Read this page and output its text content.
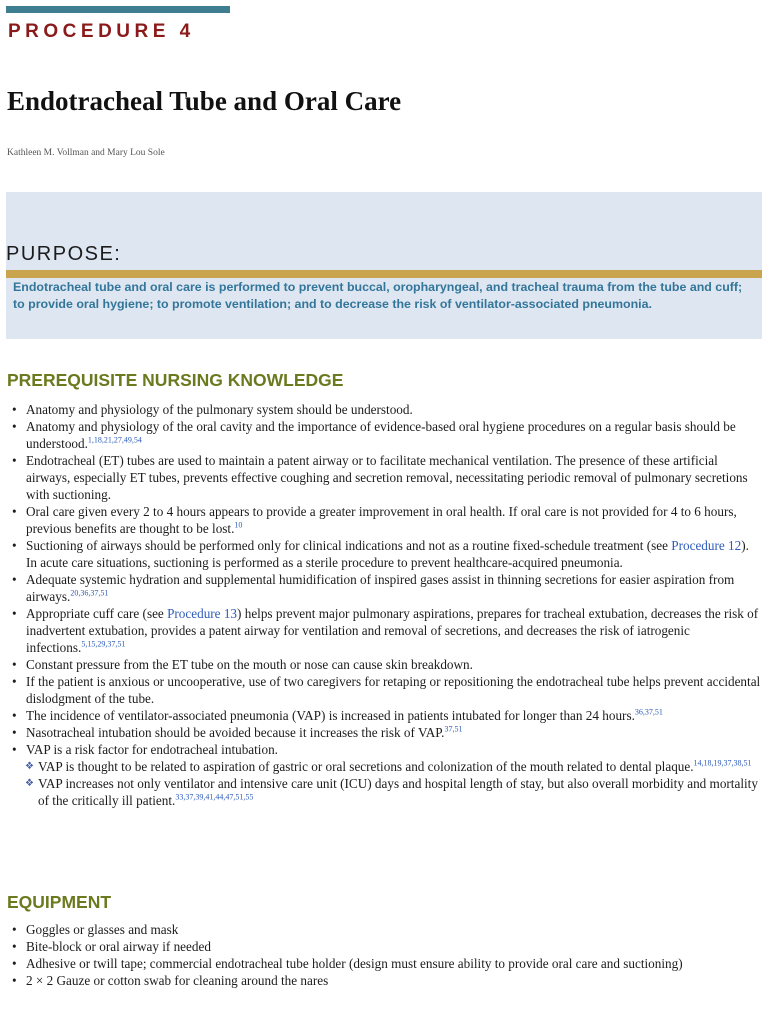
PROCEDURE 4
Endotracheal Tube and Oral Care
Kathleen M. Vollman and Mary Lou Sole
PURPOSE:
Endotracheal tube and oral care is performed to prevent buccal, oropharyngeal, and tracheal trauma from the tube and cuff; to provide oral hygiene; to promote ventilation; and to decrease the risk of ventilator-associated pneumonia.
PREREQUISITE NURSING KNOWLEDGE
• Anatomy and physiology of the pulmonary system should be understood.
• Anatomy and physiology of the oral cavity and the importance of evidence-based oral hygiene procedures on a regular basis should be understood.$^{1,18,21,27,49,54}$
• Endotracheal (ET) tubes are used to maintain a patent airway or to facilitate mechanical ventilation. The presence of these artificial airways, especially ET tubes, prevents effective coughing and secretion removal, necessitating periodic removal of pulmonary secretions with suctioning.
• Oral care given every 2 to 4 hours appears to provide a greater improvement in oral health. If oral care is not provided for 4 to 6 hours, previous benefits are thought to be lost.$^{10}$
• Suctioning of airways should be performed only for clinical indications and not as a routine fixed-schedule treatment (see Procedure 12). In acute care situations, suctioning is performed as a sterile procedure to prevent healthcare-acquired pneumonia.
• Adequate systemic hydration and supplemental humidification of inspired gases assist in thinning secretions for easier aspiration from airways.$^{20,36,37,51}$
• Appropriate cuff care (see Procedure 13) helps prevent major pulmonary aspirations, prepares for tracheal extubation, decreases the risk of inadvertent extubation, provides a patent airway for ventilation and removal of secretions, and decreases the risk of iatrogenic infections.$^{5,15,29,37,51}$
• Constant pressure from the ET tube on the mouth or nose can cause skin breakdown.
• If the patient is anxious or uncooperative, use of two caregivers for retaping or repositioning the endotracheal tube helps prevent accidental dislodgment of the tube.
• The incidence of ventilator-associated pneumonia (VAP) is increased in patients intubated for longer than 24 hours.$^{36,37,51}$
• Nasotracheal intubation should be avoided because it increases the risk of VAP.$^{37,51}$
• VAP is a risk factor for endotracheal intubation.
❖ VAP is thought to be related to aspiration of gastric or oral secretions and colonization of the mouth related to dental plaque.$^{14,18,19,37,38,51}$
❖ VAP increases not only ventilator and intensive care unit (ICU) days and hospital length of stay, but also overall morbidity and mortality of the critically ill patient.$^{33,37,39,41,44,47,51,55}$
EQUIPMENT
• Goggles or glasses and mask
• Bite-block or oral airway if needed
• Adhesive or twill tape; commercial endotracheal tube holder (design must ensure ability to provide oral care and suctioning)
• 2 × 2 Gauze or cotton swab for cleaning around the nares
